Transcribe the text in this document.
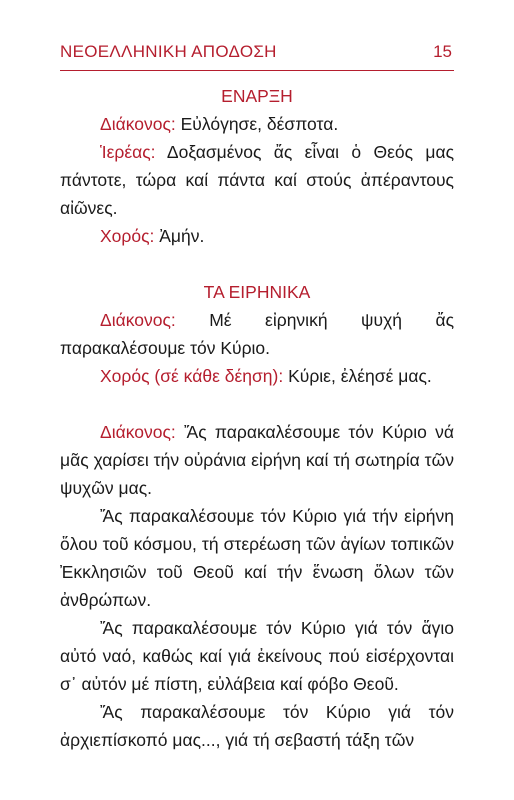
ΝΕΟΕΛΛΗΝΙΚΗ ΑΠΟΔΟΣΗ	15

ΕΝΑΡΞΗ

Διάκονος: Εὐλόγησε, δέσποτα.

Ἱερέας: Δοξασμένος ἄς εἶναι ὁ Θεός μας πάντοτε, τώρα καί πάντα καί στούς ἀπέραντους αἰῶνες.

Χορός: Ἀμήν.

ΤΑ ΕΙΡΗΝΙΚΑ

Διάκονος: Μέ εἰρηνική ψυχή ἄς παρακαλέσουμε τόν Κύριο.

Χορός (σέ κάθε δέηση): Κύριε, ἐλέησέ μας.

Διάκονος: Ἄς παρακαλέσουμε τόν Κύριο νά μᾶς χαρίσει τήν οὐράνια εἰρήνη καί τή σωτηρία τῶν ψυχῶν μας.

Ἄς παρακαλέσουμε τόν Κύριο γιά τήν εἰρήνη ὅλου τοῦ κόσμου, τή στερέωση τῶν ἁγίων τοπικῶν Ἐκκλησιῶν τοῦ Θεοῦ καί τήν ἕνωση ὅλων τῶν ἀνθρώπων.

Ἄς παρακαλέσουμε τόν Κύριο γιά τόν ἅγιο αὐτό ναό, καθώς καί γιά ἐκείνους πού εἰσέρχονται σ᾽ αὐτόν μέ πίστη, εὐλάβεια καί φόβο Θεοῦ.

Ἄς παρακαλέσουμε τόν Κύριο γιά τόν ἀρχιεπίσκοπό μας..., γιά τή σεβαστή τάξη τῶν
